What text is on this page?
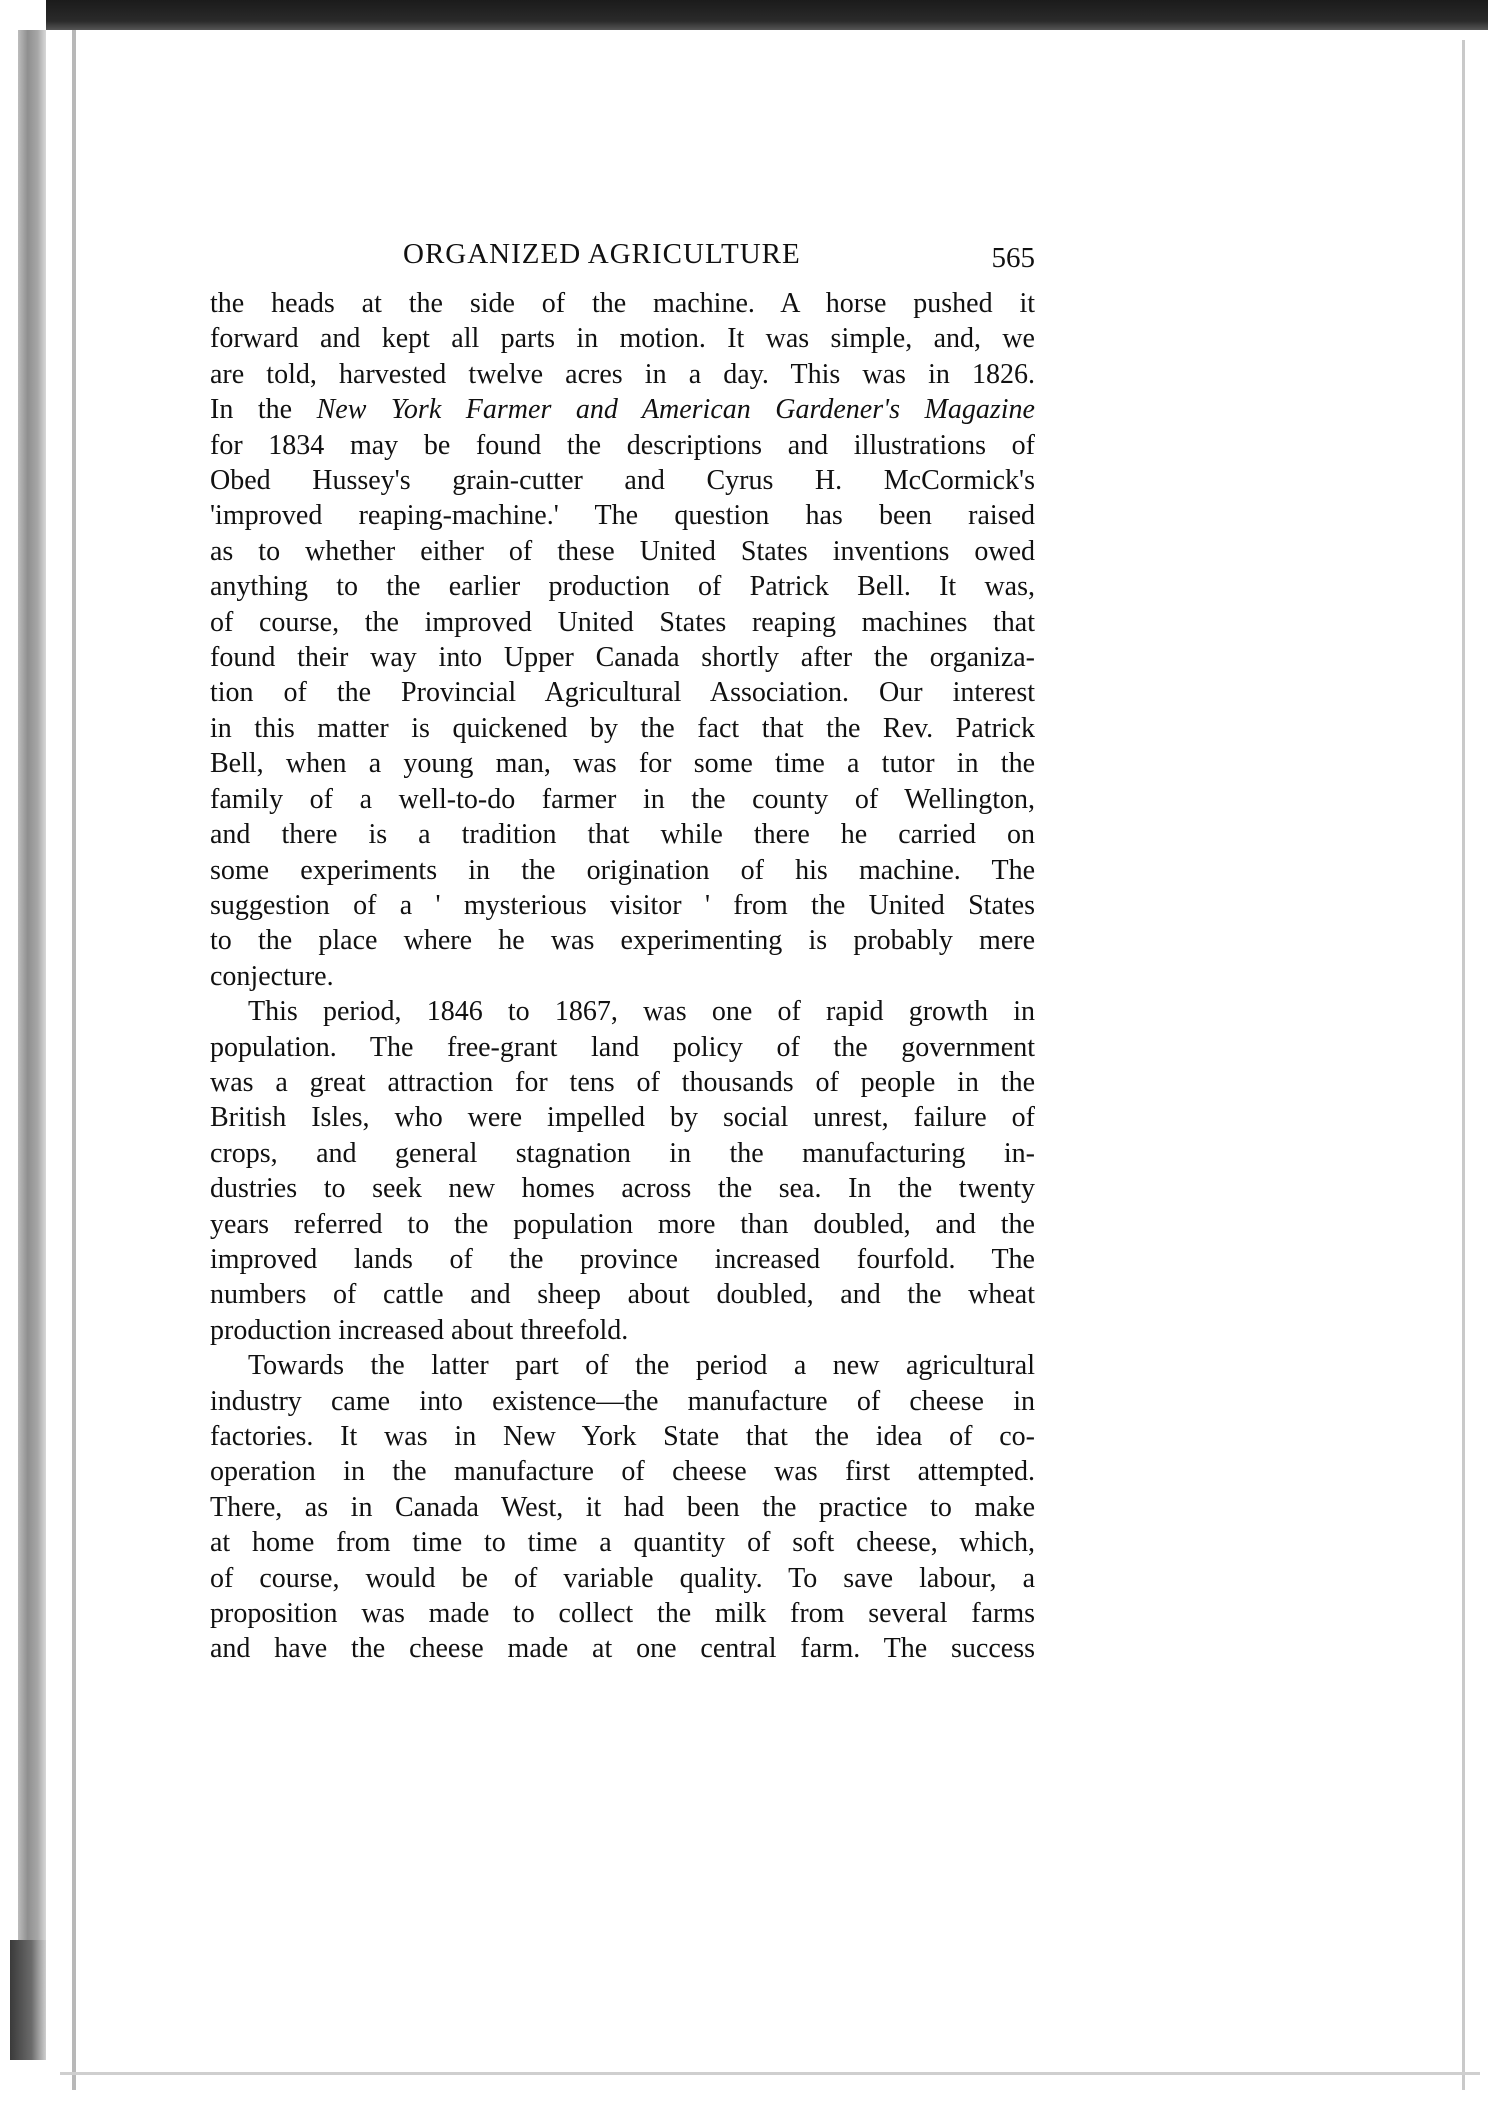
ORGANIZED AGRICULTURE	565
the heads at the side of the machine. A horse pushed it
forward and kept all parts in motion. It was simple, and, we
are told, harvested twelve acres in a day. This was in 1826.
In the New York Farmer and American Gardener's Magazine
for 1834 may be found the descriptions and illustrations of
Obed Hussey's grain-cutter and Cyrus H. McCormick's
'improved reaping-machine.' The question has been raised
as to whether either of these United States inventions owed
anything to the earlier production of Patrick Bell. It was,
of course, the improved United States reaping machines that
found their way into Upper Canada shortly after the organiza-
tion of the Provincial Agricultural Association. Our interest
in this matter is quickened by the fact that the Rev. Patrick
Bell, when a young man, was for some time a tutor in the
family of a well-to-do farmer in the county of Wellington,
and there is a tradition that while there he carried on
some experiments in the origination of his machine. The
suggestion of a ' mysterious visitor ' from the United States
to the place where he was experimenting is probably mere
conjecture.
This period, 1846 to 1867, was one of rapid growth in
population. The free-grant land policy of the government
was a great attraction for tens of thousands of people in the
British Isles, who were impelled by social unrest, failure of
crops, and general stagnation in the manufacturing in-
dustries to seek new homes across the sea. In the twenty
years referred to the population more than doubled, and the
improved lands of the province increased fourfold. The
numbers of cattle and sheep about doubled, and the wheat
production increased about threefold.
Towards the latter part of the period a new agricultural
industry came into existence—the manufacture of cheese in
factories. It was in New York State that the idea of co-
operation in the manufacture of cheese was first attempted.
There, as in Canada West, it had been the practice to make
at home from time to time a quantity of soft cheese, which,
of course, would be of variable quality. To save labour, a
proposition was made to collect the milk from several farms
and have the cheese made at one central farm. The success
